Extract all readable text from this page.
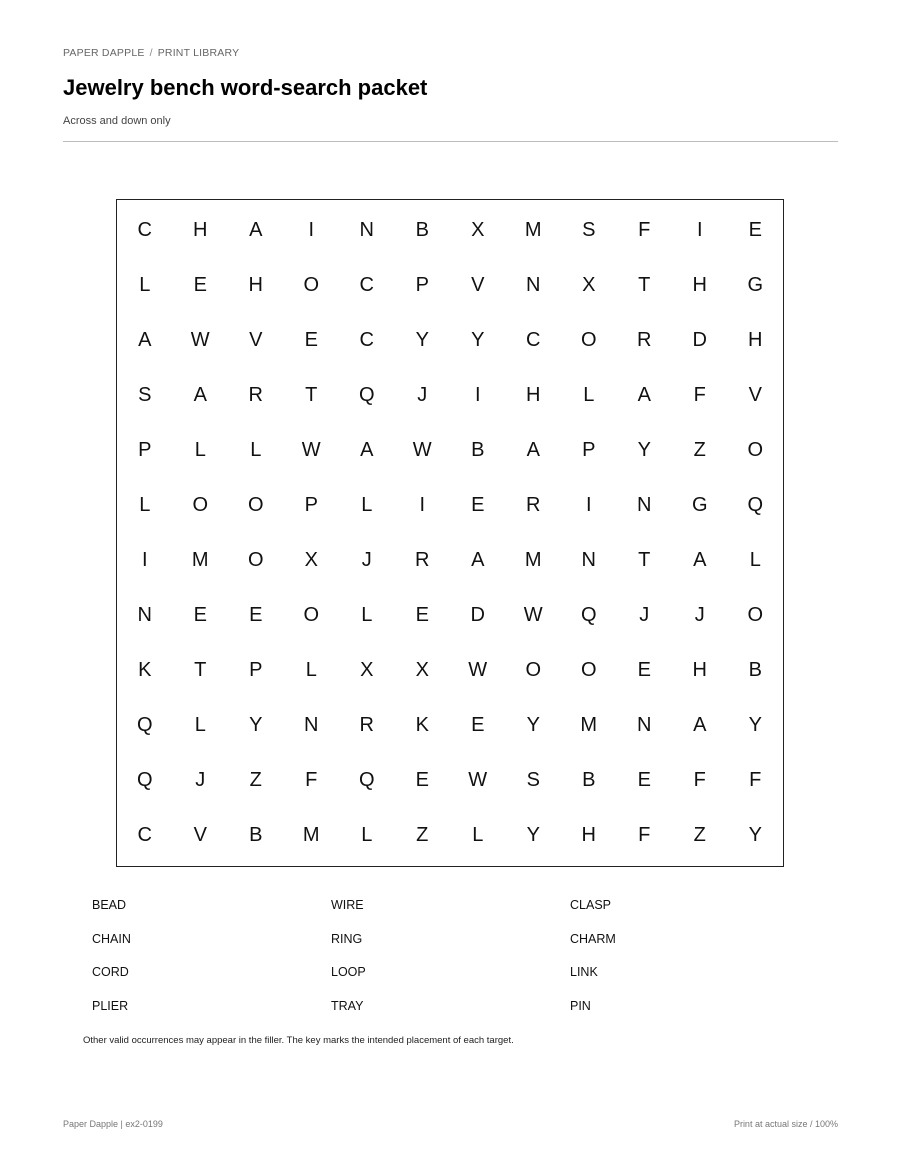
PAPER DAPPLE / PRINT LIBRARY
Jewelry bench word-search packet
Across and down only
C	H	A	I	N	B	X	M	S	F	I	E
L	E	H	O	C	P	V	N	X	T	H	G
A	W	V	E	C	Y	Y	C	O	R	D	H
S	A	R	T	Q	J	I	H	L	A	F	V
P	L	L	W	A	W	B	A	P	Y	Z	O
L	O	O	P	L	I	E	R	I	N	G	Q
I	M	O	X	J	R	A	M	N	T	A	L
N	E	E	O	L	E	D	W	Q	J	J	O
K	T	P	L	X	X	W	O	O	E	H	B
Q	L	Y	N	R	K	E	Y	M	N	A	Y
Q	J	Z	F	Q	E	W	S	B	E	F	F
C	V	B	M	L	Z	L	Y	H	F	Z	Y
BEAD	WIRE	CLASP
CHAIN	RING	CHARM
CORD	LOOP	LINK
PLIER	TRAY	PIN
Other valid occurrences may appear in the filler. The key marks the intended placement of each target.
Paper Dapple | ex2-0199	Print at actual size / 100%
